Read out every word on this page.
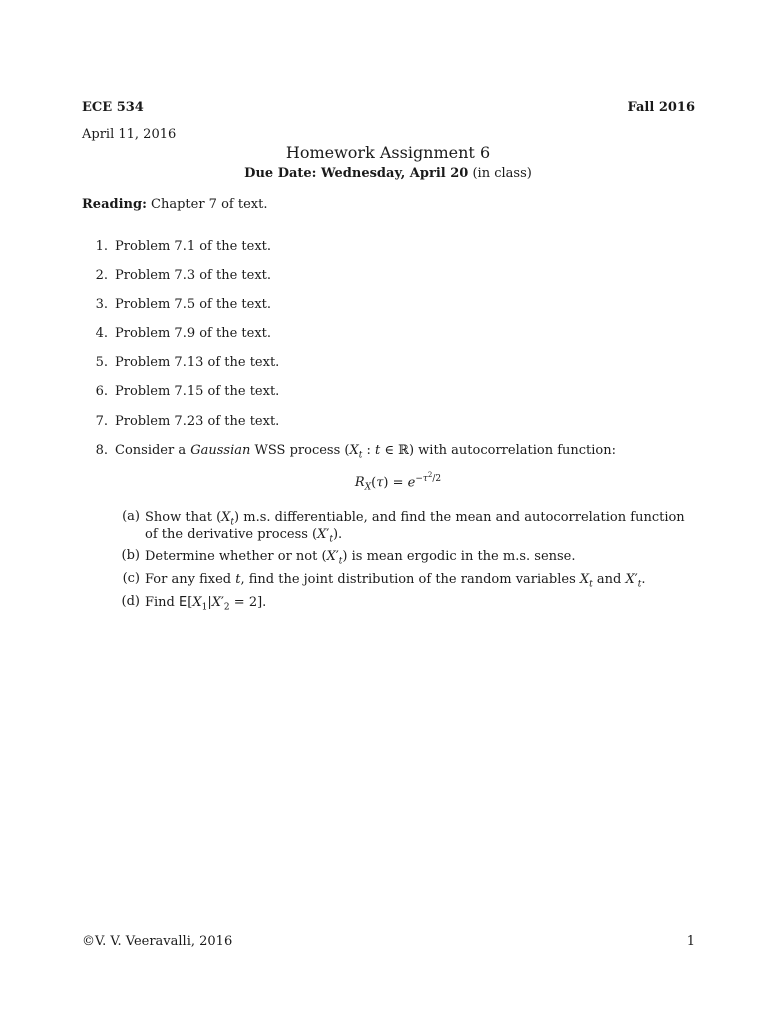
ECE 534	Fall 2016
April 11, 2016
Homework Assignment 6
Due Date: Wednesday, April 20 (in class)
Reading: Chapter 7 of text.
1. Problem 7.1 of the text.
2. Problem 7.3 of the text.
3. Problem 7.5 of the text.
4. Problem 7.9 of the text.
5. Problem 7.13 of the text.
6. Problem 7.15 of the text.
7. Problem 7.23 of the text.
8. Consider a Gaussian WSS process ($X_t$ : t ∈ ℝ) with autocorrelation function:
$R_X(\tau) = e^{-\tau^2/2}$
(a) Show that $(X_t)$ m.s. differentiable, and find the mean and autocorrelation function of the derivative process $(X'_t)$.
(b) Determine whether or not $(X'_t)$ is mean ergodic in the m.s. sense.
(c) For any fixed t, find the joint distribution of the random variables $X_t$ and $X'_t$.
(d) Find $E[X_1|X'_2 = 2]$.
©V. V. Veeravalli, 2016	1
